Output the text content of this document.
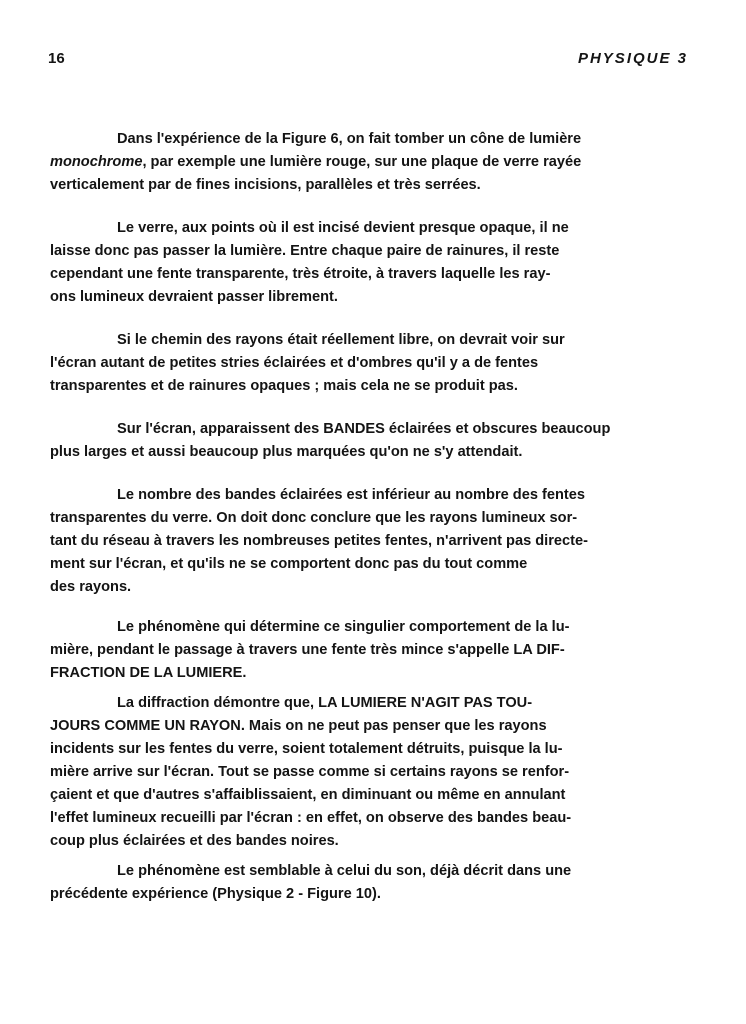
16	PHYSIQUE 3

Dans l'expérience de la Figure 6, on fait tomber un cône de lumière
monochrome, par exemple une lumière rouge, sur une plaque de verre rayée
verticalement par de fines incisions, parallèles et très serrées.

Le verre, aux points où il est incisé devient presque opaque, il ne
laisse donc pas passer la lumière. Entre chaque paire de rainures, il reste
cependant une fente transparente, très étroite, à travers laquelle les ray-
ons lumineux devraient passer librement.

Si le chemin des rayons était réellement libre, on devrait voir sur
l'écran autant de petites stries éclairées et d'ombres qu'il y a de fentes
transparentes et de rainures opaques ; mais cela ne se produit pas.

Sur l'écran, apparaissent des BANDES éclairées et obscures beaucoup
plus larges et aussi beaucoup plus marquées qu'on ne s'y attendait.

Le nombre des bandes éclairées est inférieur au nombre des fentes
transparentes du verre. On doit donc conclure que les rayons lumineux sor-
tant du réseau à travers les nombreuses petites fentes, n'arrivent pas directe-
ment sur l'écran, et qu'ils ne se comportent donc pas du tout comme
des rayons.

Le phénomène qui détermine ce singulier comportement de la lu-
mière, pendant le passage à travers une fente très mince s'appelle LA DIF-
FRACTION DE LA LUMIERE.

La diffraction démontre que, LA LUMIERE N'AGIT PAS TOU-
JOURS COMME UN RAYON. Mais on ne peut pas penser que les rayons
incidents sur les fentes du verre, soient totalement détruits, puisque la lu-
mière arrive sur l'écran. Tout se passe comme si certains rayons se renfor-
çaient et que d'autres s'affaiblissaient, en diminuant ou même en annulant
l'effet lumineux recueilli par l'écran : en effet, on observe des bandes beau-
coup plus éclairées et des bandes noires.

Le phénomène est semblable à celui du son, déjà décrit dans une
précédente expérience (Physique 2 - Figure 10).
